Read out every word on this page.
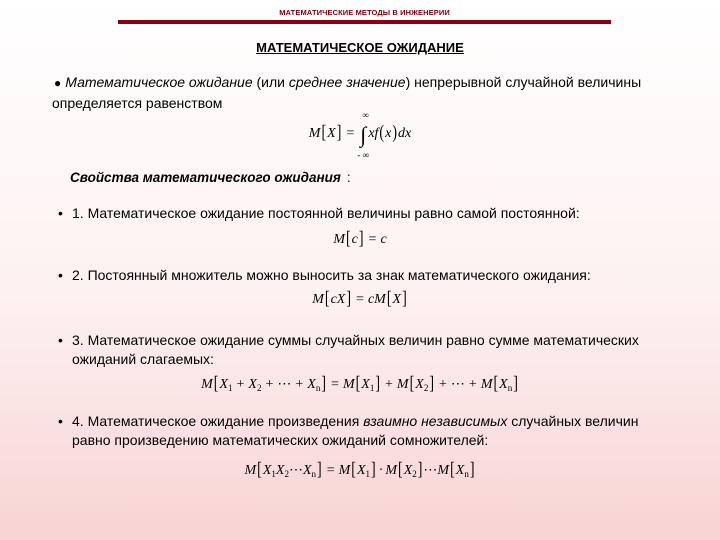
МАТЕМАТИЧЕСКИЕ МЕТОДЫ В ИНЖЕНЕРИИ
МАТЕМАТИЧЕСКОЕ ОЖИДАНИЕ
● Математическое ожидание (или среднее значение) непрерывной случайной величины определяется равенством
M[X] = ∫
∞
- ∞
xf(x)dx
Свойства математического ожидания :
• 1. Математическое ожидание постоянной величины равно самой постоянной:
M[c] = c
• 2. Постоянный множитель можно выносить за знак математического ожидания:
M[cX] = cM[X]
• 3. Математическое ожидание суммы случайных величин равно сумме математических ожиданий слагаемых:
$M[X_1 + X_2$ + ⋯ + $X_n] = M[X_1] + M[X_2]$ + ⋯ + $M[X_n]$
• 4. Математическое ожидание произведения взаимно независимых случайных величин равно произведению математических ожиданий сомножителей:
$M[X_1X_2\cdots X_n] = M[X_1]$ · $M[X_2]\cdots M[X_n]$
